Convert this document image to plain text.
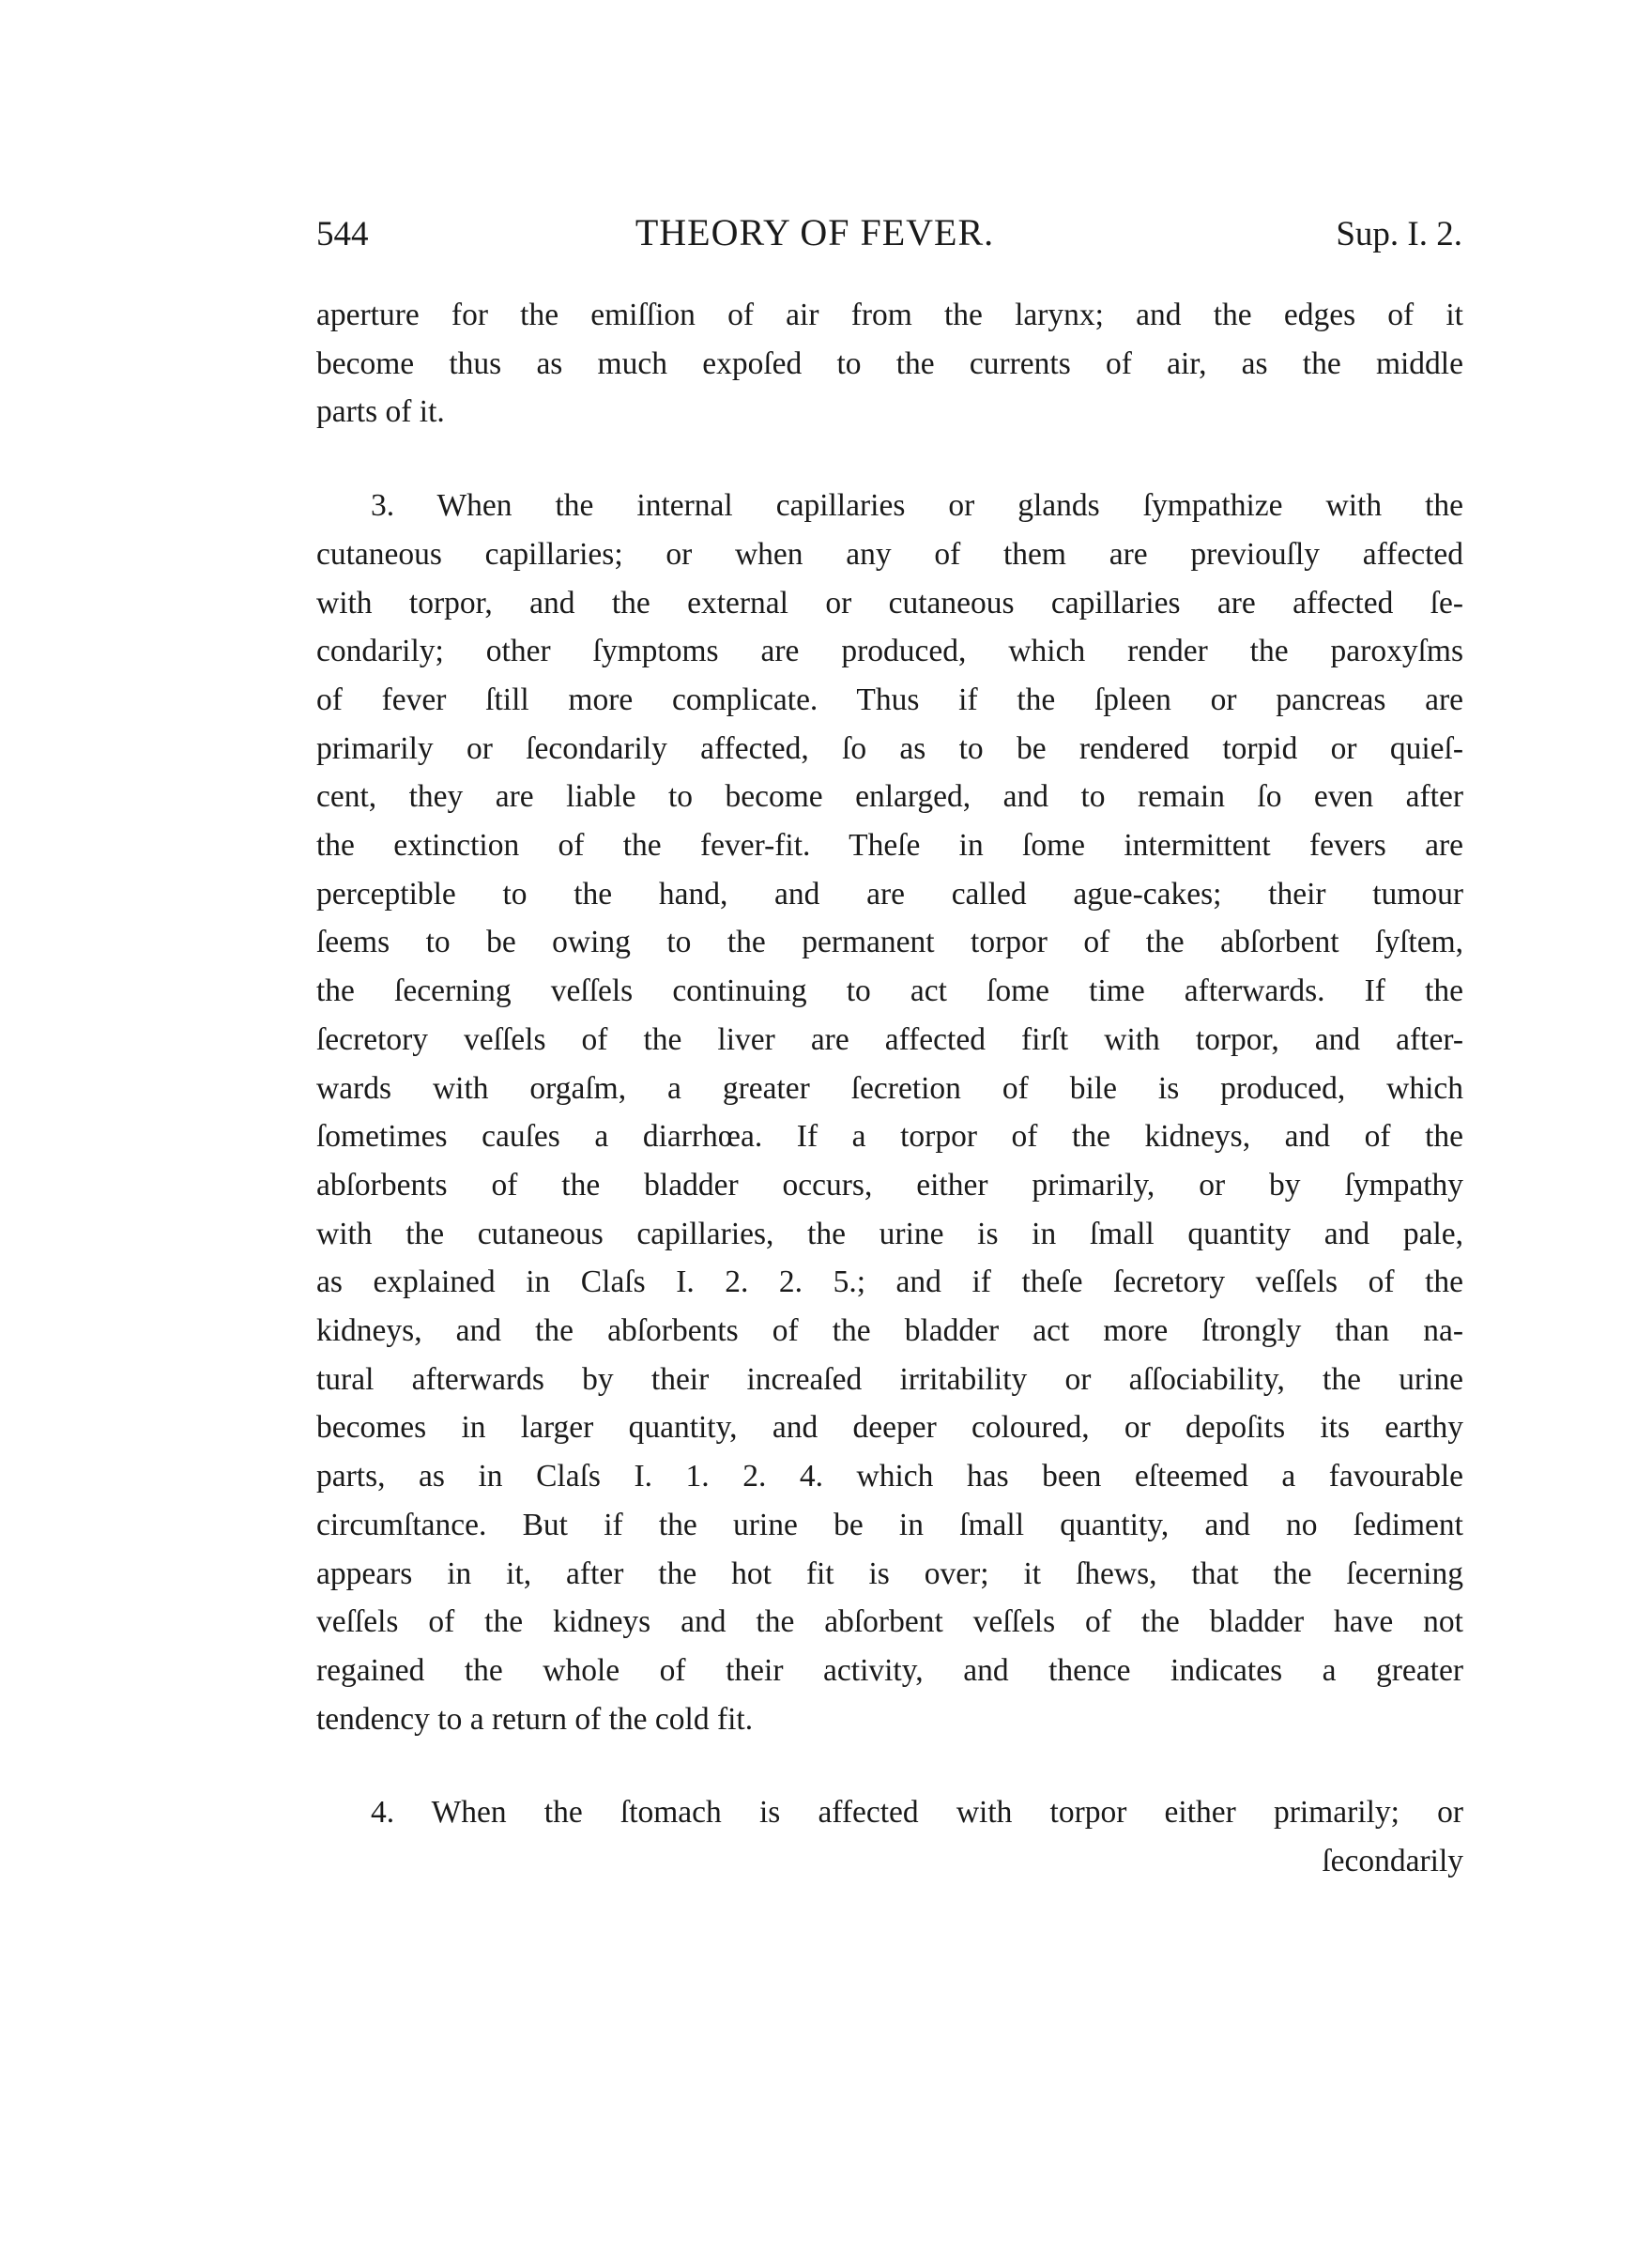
544	THEORY OF FEVER.	Sup. I. 2.
aperture for the emiſſion of air from the larynx; and the edges of it
become thus as much expoſed to the currents of air, as the middle
parts of it.
3. When the internal capillaries or glands ſympathize with the
cutaneous capillaries; or when any of them are previouſly affected
with torpor, and the external or cutaneous capillaries are affected ſe-
condarily; other ſymptoms are produced, which render the paroxyſms
of fever ſtill more complicate. Thus if the ſpleen or pancreas are
primarily or ſecondarily affected, ſo as to be rendered torpid or quieſ-
cent, they are liable to become enlarged, and to remain ſo even after
the extinction of the fever-fit. Theſe in ſome intermittent fevers are
perceptible to the hand, and are called ague-cakes; their tumour
ſeems to be owing to the permanent torpor of the abſorbent ſyſtem,
the ſecerning veſſels continuing to act ſome time afterwards. If the
ſecretory veſſels of the liver are affected firſt with torpor, and after-
wards with orgaſm, a greater ſecretion of bile is produced, which
ſometimes cauſes a diarrhœa. If a torpor of the kidneys, and of the
abſorbents of the bladder occurs, either primarily, or by ſympathy
with the cutaneous capillaries, the urine is in ſmall quantity and pale,
as explained in Claſs I. 2. 2. 5.; and if theſe ſecretory veſſels of the
kidneys, and the abſorbents of the bladder act more ſtrongly than na-
tural afterwards by their increaſed irritability or aſſociability, the urine
becomes in larger quantity, and deeper coloured, or depoſits its earthy
parts, as in Claſs I. 1. 2. 4. which has been eſteemed a favourable
circumſtance. But if the urine be in ſmall quantity, and no ſediment
appears in it, after the hot fit is over; it ſhews, that the ſecerning
veſſels of the kidneys and the abſorbent veſſels of the bladder have not
regained the whole of their activity, and thence indicates a greater
tendency to a return of the cold fit.
4. When the ſtomach is affected with torpor either primarily; or
ſecondarily
